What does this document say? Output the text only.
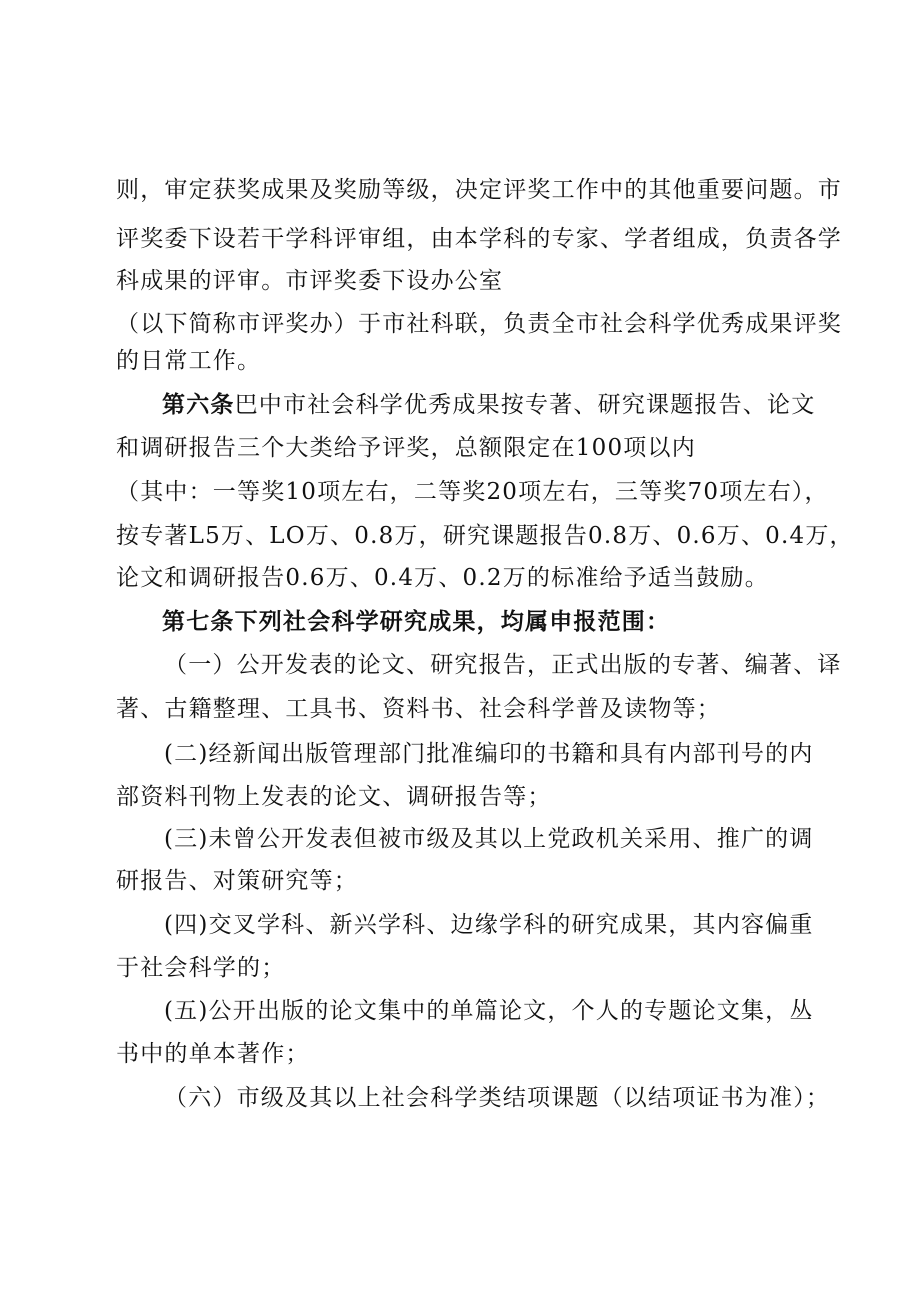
则，审定获奖成果及奖励等级，决定评奖工作中的其他重要问题。市
评奖委下设若干学科评审组，由本学科的专家、学者组成，负责各学
科成果的评审。市评奖委下设办公室
（以下简称市评奖办）于市社科联，负责全市社会科学优秀成果评奖
的日常工作。
第六条巴中市社会科学优秀成果按专著、研究课题报告、论文
和调研报告三个大类给予评奖，总额限定在100项以内
（其中：一等奖10项左右，二等奖20项左右，三等奖70项左右），
按专著L5万、LO万、0.8万，研究课题报告0.8万、0.6万、0.4万，
论文和调研报告0.6万、0.4万、0.2万的标准给予适当鼓励。
第七条下列社会科学研究成果，均属申报范围：
（一）公开发表的论文、研究报告，正式出版的专著、编著、译
著、古籍整理、工具书、资料书、社会科学普及读物等；
(二)经新闻出版管理部门批准编印的书籍和具有内部刊号的内
部资料刊物上发表的论文、调研报告等；
(三)未曾公开发表但被市级及其以上党政机关采用、推广的调
研报告、对策研究等；
(四)交叉学科、新兴学科、边缘学科的研究成果，其内容偏重
于社会科学的；
(五)公开出版的论文集中的单篇论文，个人的专题论文集，丛
书中的单本著作；
（六）市级及其以上社会科学类结项课题（以结项证书为准）；
